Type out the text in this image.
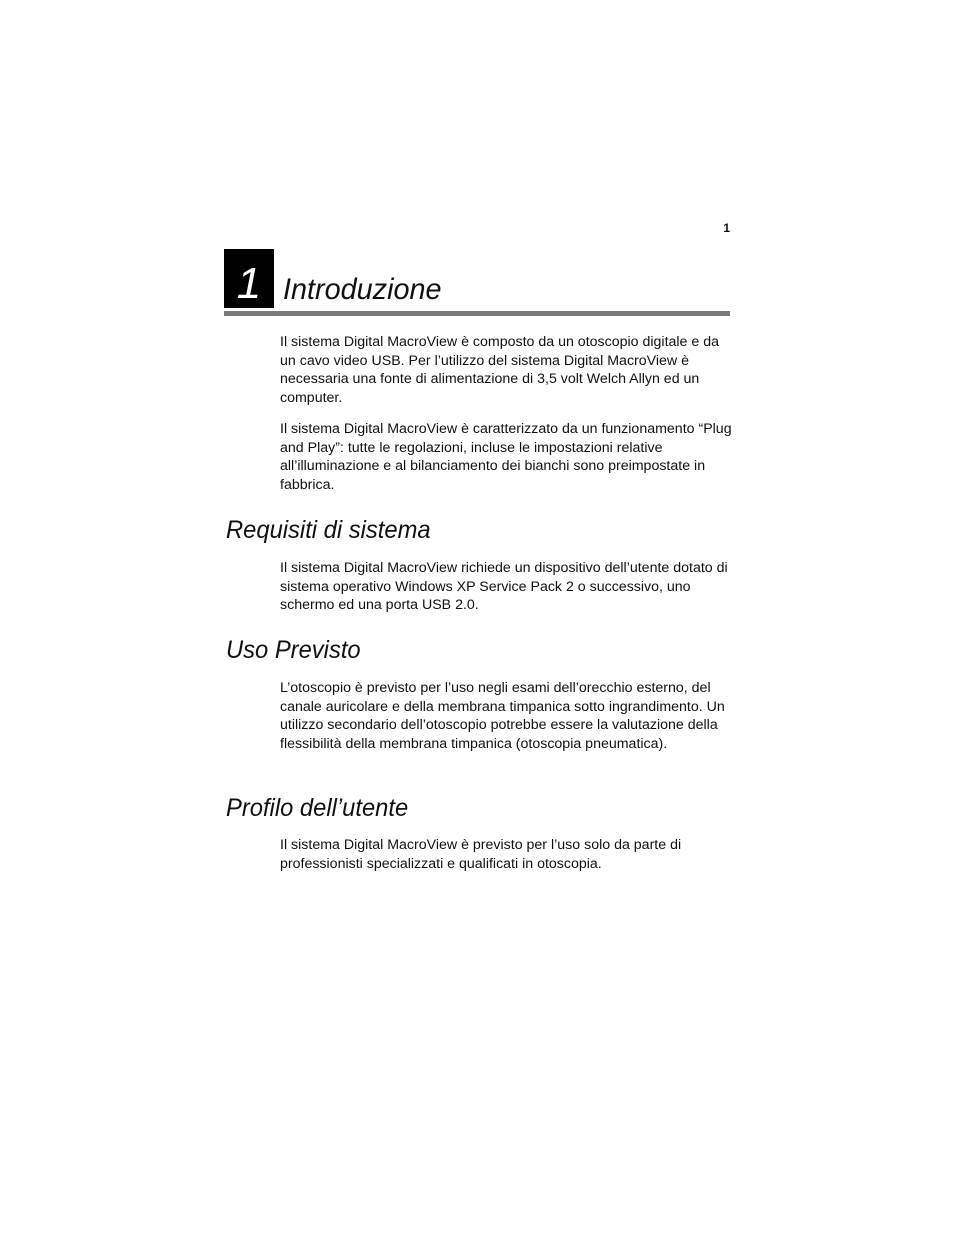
1
1 Introduzione

Il sistema Digital MacroView è composto da un otoscopio digitale e da un cavo video USB. Per l’utilizzo del sistema Digital MacroView è necessaria una fonte di alimentazione di 3,5 volt Welch Allyn ed un computer.

Il sistema Digital MacroView è caratterizzato da un funzionamento “Plug and Play”: tutte le regolazioni, incluse le impostazioni relative all’illuminazione e al bilanciamento dei bianchi sono preimpostate in fabbrica.

Requisiti di sistema

Il sistema Digital MacroView richiede un dispositivo dell’utente dotato di sistema operativo Windows XP Service Pack 2 o successivo, uno schermo ed una porta USB 2.0.

Uso Previsto

L’otoscopio è previsto per l’uso negli esami dell’orecchio esterno, del canale auricolare e della membrana timpanica sotto ingrandimento. Un utilizzo secondario dell’otoscopio potrebbe essere la valutazione della flessibilità della membrana timpanica (otoscopia pneumatica).

Profilo dell’utente

Il sistema Digital MacroView è previsto per l’uso solo da parte di professionisti specializzati e qualificati in otoscopia.
